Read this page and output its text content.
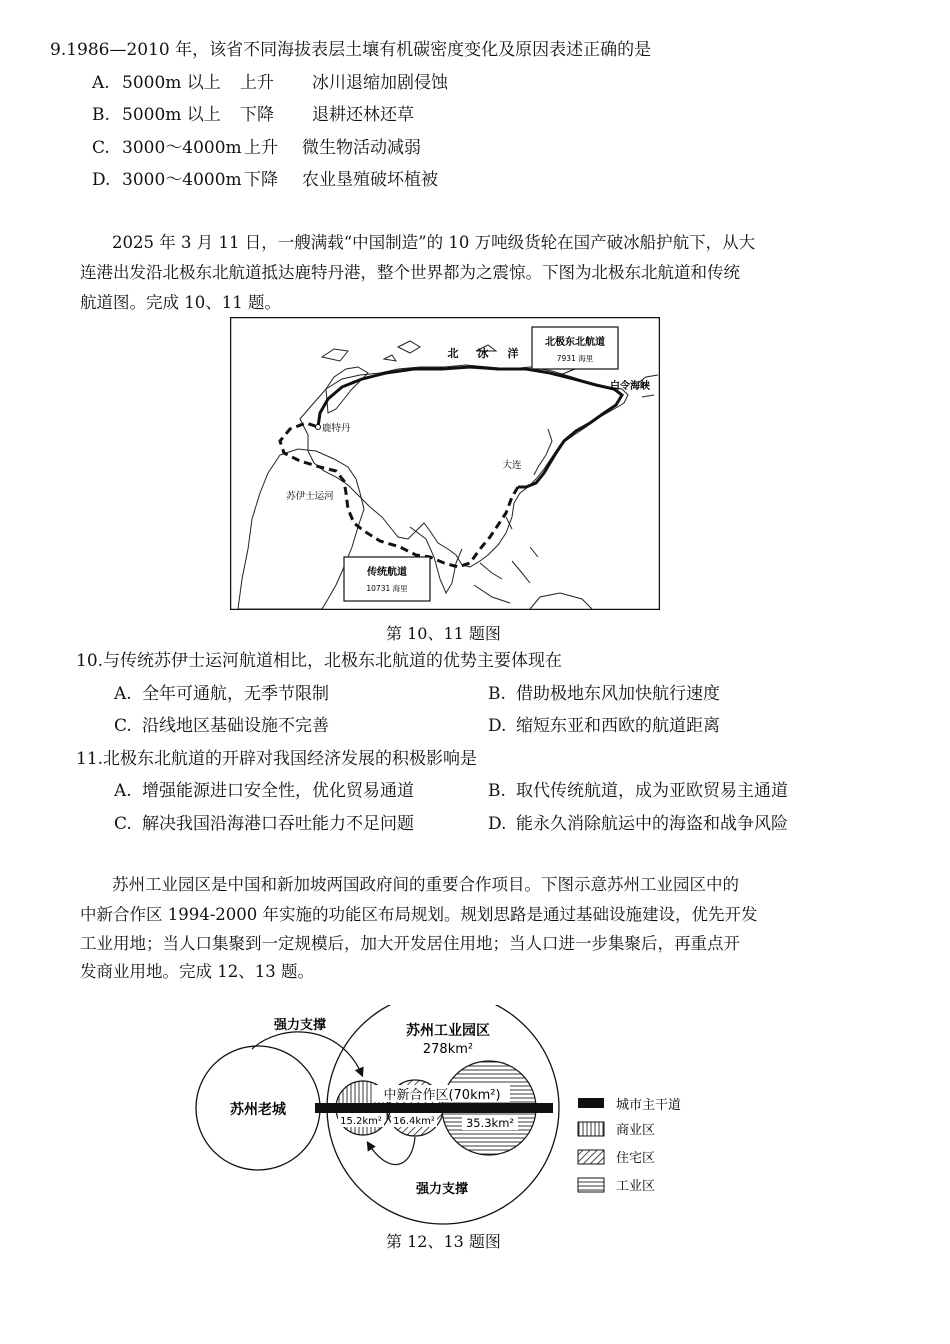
9.1986—2010 年，该省不同海拔表层土壤有机碳密度变化及原因表述正确的是
A. 5000m 以上 上升 冰川退缩加剧侵蚀
B. 5000m 以上 下降 退耕还林还草
C. 3000～4000m 上升 微生物活动减弱
D. 3000～4000m 下降 农业垦殖破坏植被
2025 年 3 月 11 日，一艘满载“中国制造”的 10 万吨级货轮在国产破冰船护航下，从大
连港出发沿北极东北航道抵达鹿特丹港，整个世界都为之震惊。下图为北极东北航道和传统
航道图。完成 10、11 题。
北极东北航道
7931 海里
传统航道
10731 海里
北　冰　洋
白令海峡
鹿特丹
大连
苏伊士运河
第 10、11 题图
10.与传统苏伊士运河航道相比，北极东北航道的优势主要体现在
A. 全年可通航，无季节限制	B. 借助极地东风加快航行速度
C. 沿线地区基础设施不完善	D. 缩短东亚和西欧的航道距离
11.北极东北航道的开辟对我国经济发展的积极影响是
A. 增强能源进口安全性，优化贸易通道	B. 取代传统航道，成为亚欧贸易主通道
C. 解决我国沿海港口吞吐能力不足问题	D. 能永久消除航运中的海盗和战争风险
苏州工业园区是中国和新加坡两国政府间的重要合作项目。下图示意苏州工业园区中的
中新合作区 1994-2000 年实施的功能区布局规划。规划思路是通过基础设施建设，优先开发
工业用地；当人口集聚到一定规模后，加大开发居住用地；当人口进一步集聚后，再重点开
发商业用地。完成 12、13 题。
苏州老城
苏州工业园区
278km²
中新合作区(70km²)
15.2km² 16.4km²	35.3km²
强力支撑
强力支撑
城市主干道
商业区
住宅区
工业区
第 12、13 题图
